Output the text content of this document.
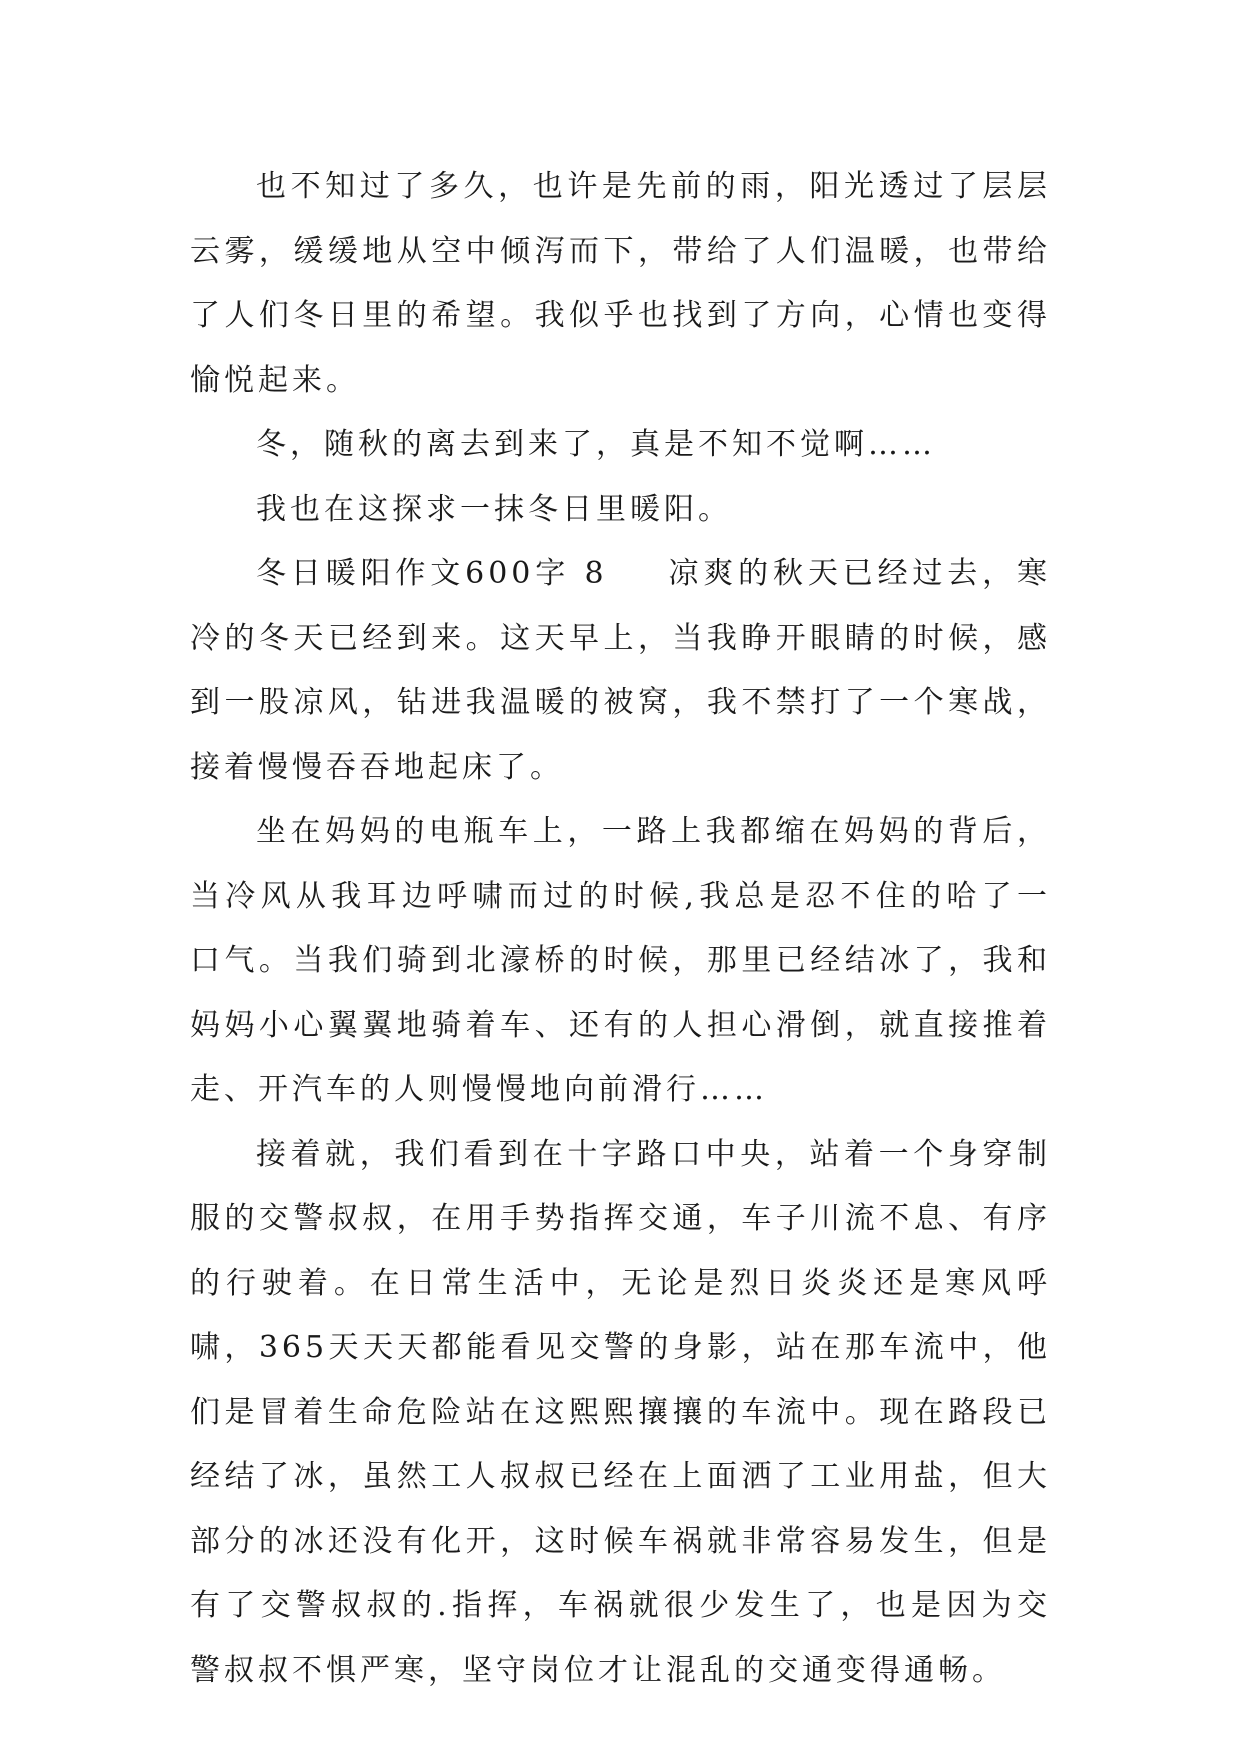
也不知过了多久，也许是先前的雨，阳光透过了层层云雾，缓缓地从空中倾泻而下，带给了人们温暖，也带给了人们冬日里的希望。我似乎也找到了方向，心情也变得愉悦起来。

冬，随秋的离去到来了，真是不知不觉啊……

我也在这探求一抹冬日里暖阳。

冬日暖阳作文600字 8 凉爽的秋天已经过去，寒冷的冬天已经到来。这天早上，当我睁开眼睛的时候，感到一股凉风，钻进我温暖的被窝，我不禁打了一个寒战，接着慢慢吞吞地起床了。

坐在妈妈的电瓶车上，一路上我都缩在妈妈的背后，当冷风从我耳边呼啸而过的时候,我总是忍不住的哈了一口气。当我们骑到北濠桥的时候，那里已经结冰了，我和妈妈小心翼翼地骑着车、还有的人担心滑倒，就直接推着走、开汽车的人则慢慢地向前滑行……

接着就，我们看到在十字路口中央，站着一个身穿制服的交警叔叔，在用手势指挥交通，车子川流不息、有序的行驶着。在日常生活中，无论是烈日炎炎还是寒风呼啸，365天天天都能看见交警的身影，站在那车流中，他们是冒着生命危险站在这熙熙攘攘的车流中。现在路段已经结了冰，虽然工人叔叔已经在上面洒了工业用盐，但大部分的冰还没有化开，这时候车祸就非常容易发生，但是有了交警叔叔的.指挥，车祸就很少发生了，也是因为交警叔叔不惧严寒，坚守岗位才让混乱的交通变得通畅。
